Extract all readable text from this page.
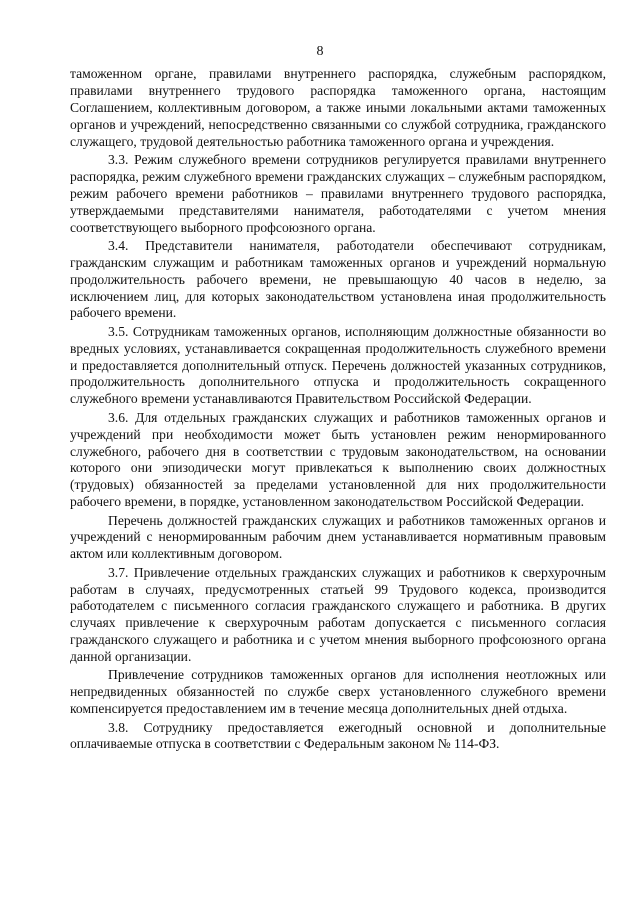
8

таможенном органе, правилами внутреннего распорядка, служебным распорядком, правилами внутреннего трудового распорядка таможенного органа, настоящим Соглашением, коллективным договором, а также иными локальными актами таможенных органов и учреждений, непосредственно связанными со службой сотрудника, гражданского служащего, трудовой деятельностью работника таможенного органа и учреждения.

3.3. Режим служебного времени сотрудников регулируется правилами внутреннего распорядка, режим служебного времени гражданских служащих – служебным распорядком, режим рабочего времени работников – правилами внутреннего трудового распорядка, утверждаемыми представителями нанимателя, работодателями с учетом мнения соответствующего выборного профсоюзного органа.

3.4. Представители нанимателя, работодатели обеспечивают сотрудникам, гражданским служащим и работникам таможенных органов и учреждений нормальную продолжительность рабочего времени, не превышающую 40 часов в неделю, за исключением лиц, для которых законодательством установлена иная продолжительность рабочего времени.

3.5. Сотрудникам таможенных органов, исполняющим должностные обязанности во вредных условиях, устанавливается сокращенная продолжительность служебного времени и предоставляется дополнительный отпуск. Перечень должностей указанных сотрудников, продолжительность дополнительного отпуска и продолжительность сокращенного служебного времени устанавливаются Правительством Российской Федерации.

3.6. Для отдельных гражданских служащих и работников таможенных органов и учреждений при необходимости может быть установлен режим ненормированного служебного, рабочего дня в соответствии с трудовым законодательством, на основании которого они эпизодически могут привлекаться к выполнению своих должностных (трудовых) обязанностей за пределами установленной для них продолжительности рабочего времени, в порядке, установленном законодательством Российской Федерации.

Перечень должностей гражданских служащих и работников таможенных органов и учреждений с ненормированным рабочим днем устанавливается нормативным правовым актом или коллективным договором.

3.7. Привлечение отдельных гражданских служащих и работников к сверхурочным работам в случаях, предусмотренных статьей 99 Трудового кодекса, производится работодателем с письменного согласия гражданского служащего и работника. В других случаях привлечение к сверхурочным работам допускается с письменного согласия гражданского служащего и работника и с учетом мнения выборного профсоюзного органа данной организации.

Привлечение сотрудников таможенных органов для исполнения неотложных или непредвиденных обязанностей по службе сверх установленного служебного времени компенсируется предоставлением им в течение месяца дополнительных дней отдыха.

3.8. Сотруднику предоставляется ежегодный основной и дополнительные оплачиваемые отпуска в соответствии с Федеральным законом № 114-ФЗ.
